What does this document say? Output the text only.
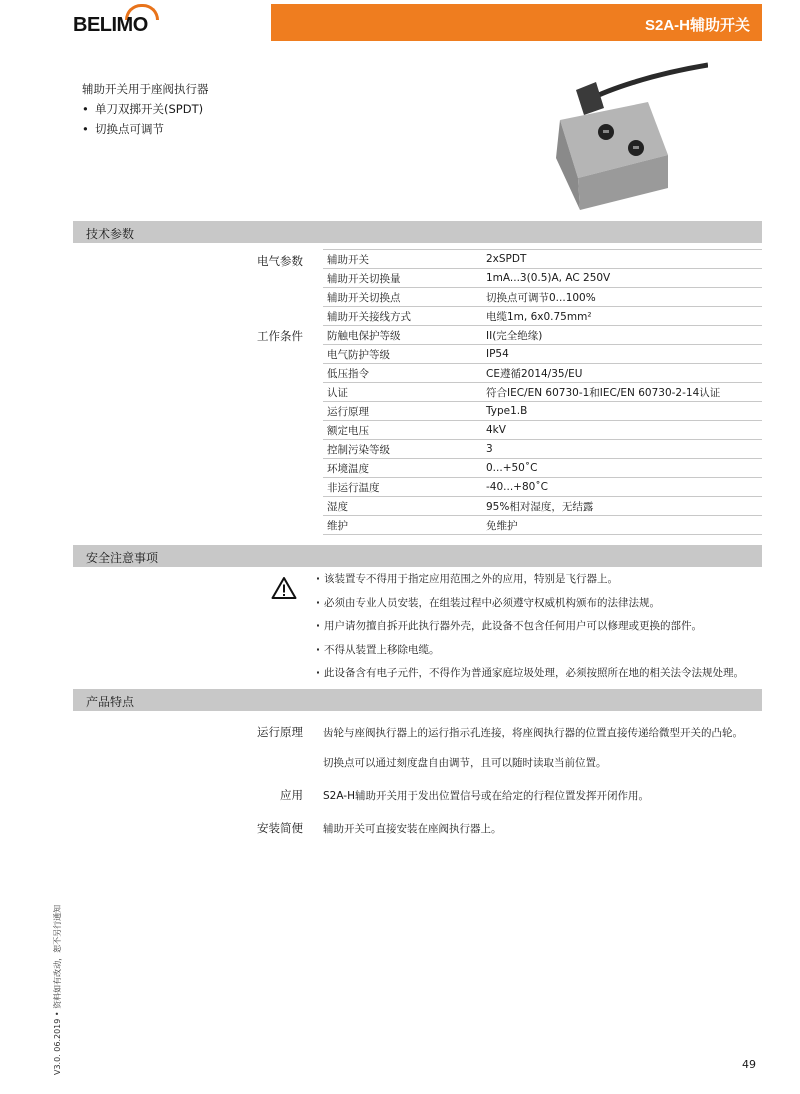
BELIMO	S2A-H辅助开关
辅助开关用于座阀执行器
• 单刀双掷开关(SPDT)
• 切换点可调节
技术参数
电气参数
工作条件
辅助开关	2xSPDT
辅助开关切换量	1mA...3(0.5)A, AC 250V
辅助开关切换点	切换点可调节0...100%
辅助开关接线方式	电缆1m, 6x0.75mm²
防触电保护等级	II(完全绝缘)
电气防护等级	IP54
低压指令	CE遵循2014/35/EU
认证	符合IEC/EN 60730-1和IEC/EN 60730-2-14认证
运行原理	Type1.B
额定电压	4kV
控制污染等级	3
环境温度	0...+50˚C
非运行温度	-40...+80˚C
湿度	95%相对湿度，无结露
维护	免维护
安全注意事项
· 该装置专不得用于指定应用范围之外的应用，特别是飞行器上。
· 必须由专业人员安装，在组装过程中必须遵守权威机构颁布的法律法规。
· 用户请勿擅自拆开此执行器外壳，此设备不包含任何用户可以修理或更换的部件。
· 不得从装置上移除电缆。
· 此设备含有电子元件，不得作为普通家庭垃圾处理，必须按照所在地的相关法令法规处理。
产品特点
运行原理 齿轮与座阀执行器上的运行指示孔连接，将座阀执行器的位置直接传递给微型开关的凸轮。
切换点可以通过刻度盘自由调节，且可以随时读取当前位置。
应用 S2A-H辅助开关用于发出位置信号或在给定的行程位置发挥开闭作用。
安装简便 辅助开关可直接安装在座阀执行器上。
V3.0. 06.2019 • 资料如有改动，恕不另行通知	49
